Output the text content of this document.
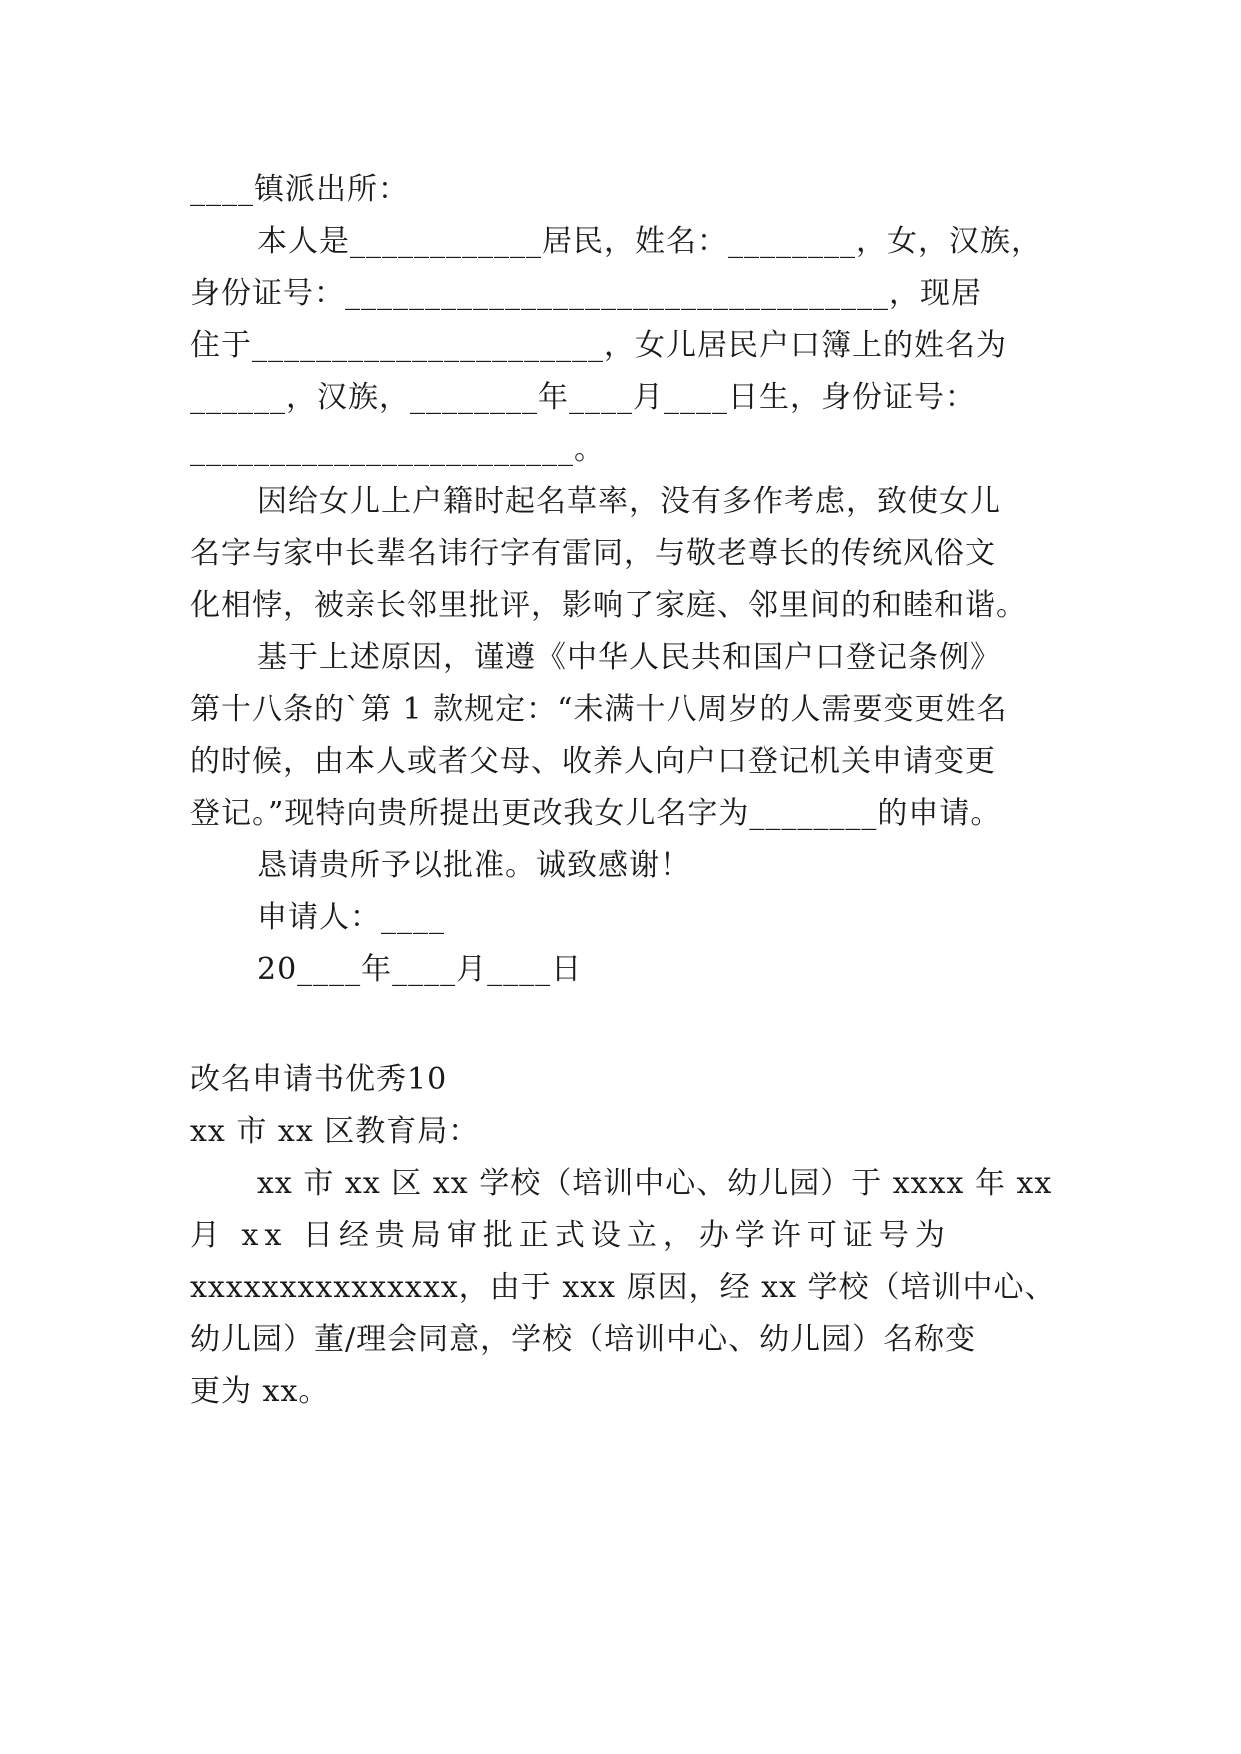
____镇派出所：
本人是____________居民，姓名：________，女，汉族，
身份证号：__________________________________，现居
住于______________________，女儿居民户口簿上的姓名为
______，汉族，________年____月____日生，身份证号：
________________________。
因给女儿上户籍时起名草率，没有多作考虑，致使女儿
名字与家中长辈名讳行字有雷同，与敬老尊长的传统风俗文
化相悖，被亲长邻里批评，影响了家庭、邻里间的和睦和谐。
基于上述原因，谨遵《中华人民共和国户口登记条例》
第十八条的`第 1 款规定：“未满十八周岁的人需要变更姓名
的时候，由本人或者父母、收养人向户口登记机关申请变更
登记。”现特向贵所提出更改我女儿名字为________的申请。
恳请贵所予以批准。诚致感谢！
申请人：____
20____年____月____日
改名申请书优秀10
xx 市 xx 区教育局：
xx 市 xx 区 xx 学校（培训中心、幼儿园）于 xxxx 年 xx
月 xx 日经贵局审批正式设立，办学许可证号为
xxxxxxxxxxxxxxx，由于 xxx 原因，经 xx 学校（培训中心、
幼儿园）董/理会同意，学校（培训中心、幼儿园）名称变
更为 xx。
